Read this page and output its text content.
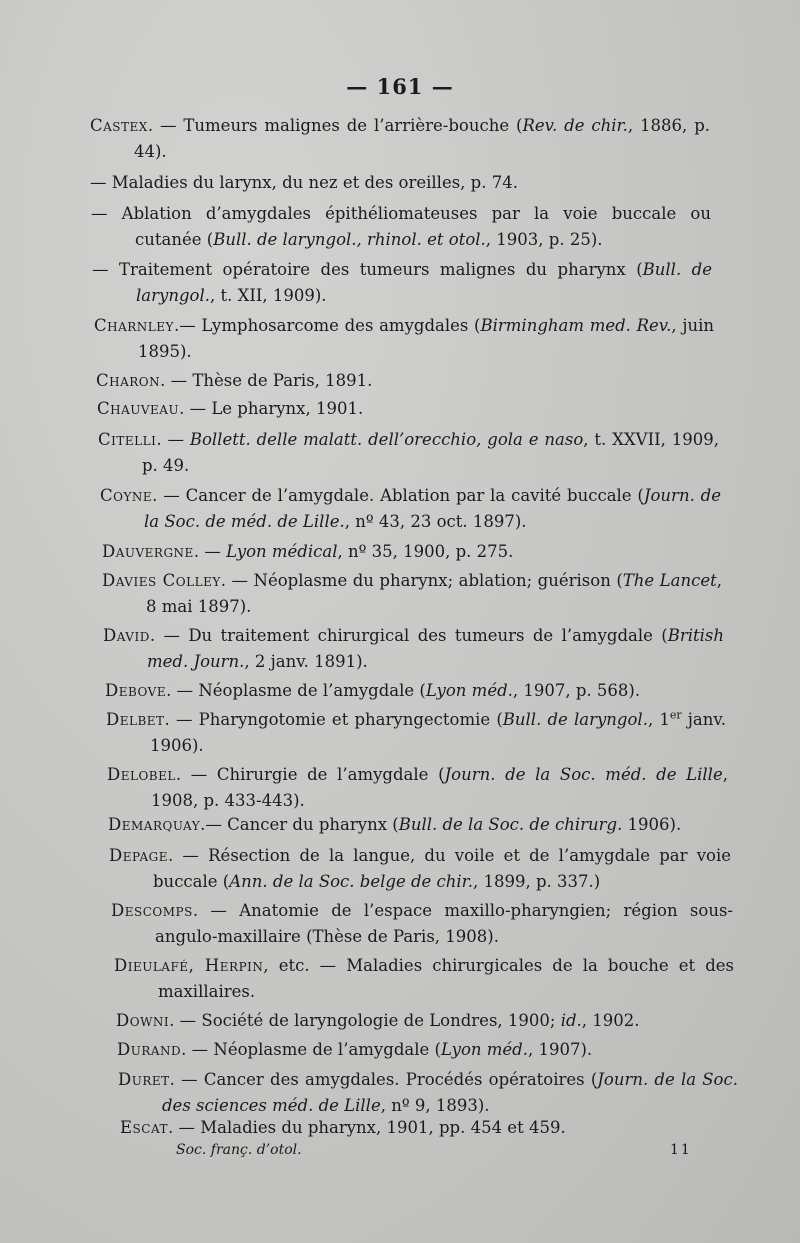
— 161 —
Castex. — Tumeurs malignes de l’arrière-bouche (Rev. de chir., 1886, p. 44).
— Maladies du larynx, du nez et des oreilles, p. 74.
— Ablation d’amygdales épithéliomateuses par la voie buccale ou cutanée (Bull. de laryngol., rhinol. et otol., 1903, p. 25).
— Traitement opératoire des tumeurs malignes du pharynx (Bull. de laryngol., t. XII, 1909).
Charnley.— Lymphosarcome des amygdales (Birmingham med. Rev., juin 1895).
Charon. — Thèse de Paris, 1891.
Chauveau. — Le pharynx, 1901.
Citelli. — Bollett. delle malatt. dell’orecchio, gola e naso, t. XXVII, 1909, p. 49.
Coyne. — Cancer de l’amygdale. Ablation par la cavité buccale (Journ. de la Soc. de méd. de Lille., nº 43, 23 oct. 1897).
Dauvergne. — Lyon médical, nº 35, 1900, p. 275.
Davies Colley. — Néoplasme du pharynx; ablation; guérison (The Lancet, 8 mai 1897).
David. — Du traitement chirurgical des tumeurs de l’amygdale (British med. Journ., 2 janv. 1891).
Debove. — Néoplasme de l’amygdale (Lyon méd., 1907, p. 568).
Delbet. — Pharyngotomie et pharyngectomie (Bull. de laryngol., 1er janv. 1906).
Delobel. — Chirurgie de l’amygdale (Journ. de la Soc. méd. de Lille, 1908, p. 433-443).
Demarquay.— Cancer du pharynx (Bull. de la Soc. de chirurg. 1906).
Depage. — Résection de la langue, du voile et de l’amygdale par voie buccale (Ann. de la Soc. belge de chir., 1899, p. 337.)
Descomps. — Anatomie de l’espace maxillo-pharyngien; région sous-angulo-maxillaire (Thèse de Paris, 1908).
Dieulafé, Herpin, etc. — Maladies chirurgicales de la bouche et des maxillaires.
Downi. — Société de laryngologie de Londres, 1900; id., 1902.
Durand. — Néoplasme de l’amygdale (Lyon méd., 1907).
Duret. — Cancer des amygdales. Procédés opératoires (Journ. de la Soc. des sciences méd. de Lille, nº 9, 1893).
Escat. — Maladies du pharynx, 1901, pp. 454 et 459.
Soc. franç. d’otol.	11
